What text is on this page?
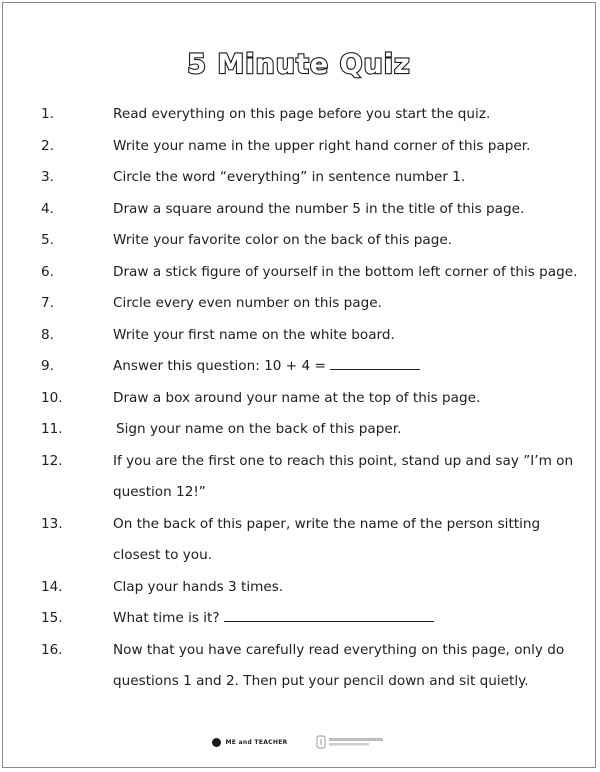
5 Minute Quiz
1.	Read everything on this page before you start the quiz.
2.	Write your name in the upper right hand corner of this paper.
3.	Circle the word “everything” in sentence number 1.
4.	Draw a square around the number 5 in the title of this page.
5.	Write your favorite color on the back of this page.
6.	Draw a stick figure of yourself in the bottom left corner of this page.
7.	Circle every even number on this page.
8.	Write your first name on the white board.
9.	Answer this question: 10 + 4 =
10.	Draw a box around your name at the top of this page.
11.	Sign your name on the back of this paper.
12.	If you are the first one to reach this point, stand up and say ”I’m on
question 12!”
13.	On the back of this paper, write the name of the person sitting
closest to you.
14.	Clap your hands 3 times.
15.	What time is it?
16.	Now that you have carefully read everything on this page, only do
questions 1 and 2. Then put your pencil down and sit quietly.
ME and TEACHER
